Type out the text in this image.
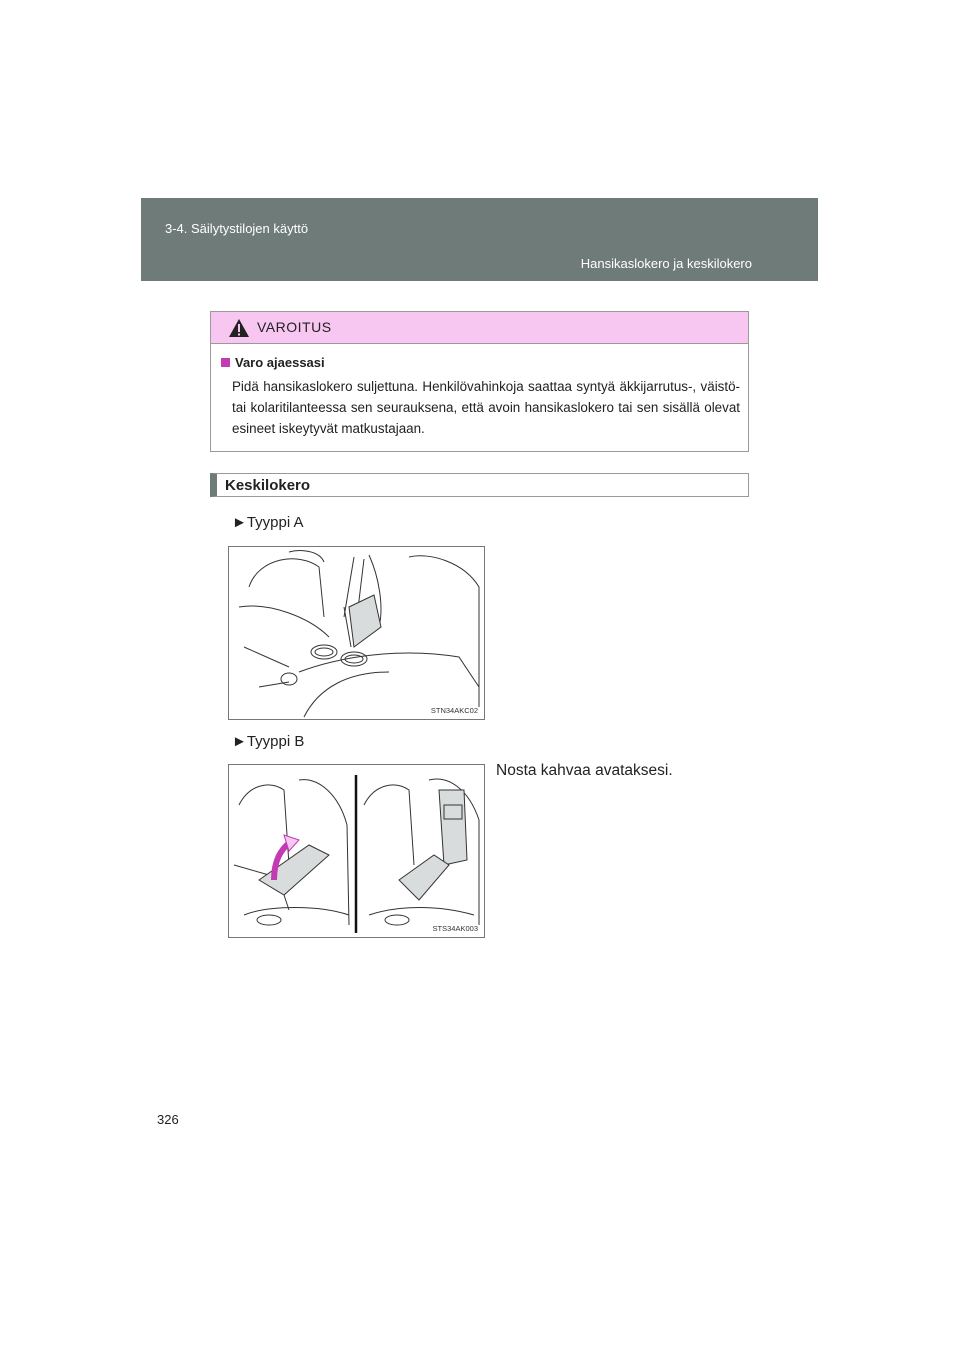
3-4. Säilytystilojen käyttö
Hansikaslokero ja keskilokero
VAROITUS
Varo ajaessasi

Pidä hansikaslokero suljettuna. Henkilövahinkoja saattaa syntyä äkkijarrutus-, väistö- tai kolaritilanteessa sen seurauksena, että avoin hansikaslokero tai sen sisällä olevat esineet iskeytyvät matkustajaan.

Keskilokero
►Tyyppi A
STN34AKC02
►Tyyppi B
Nosta kahvaa avataksesi.
STS34AK003
326
